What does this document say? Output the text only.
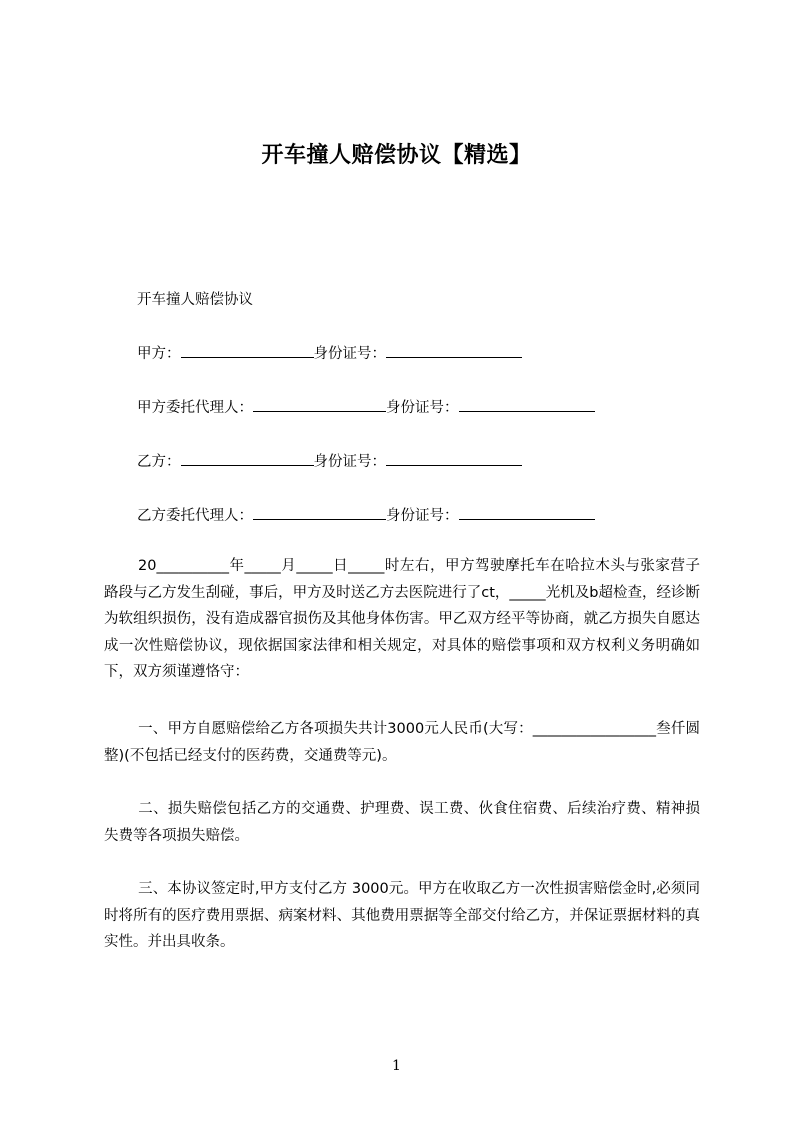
开车撞人赔偿协议【精选】
开车撞人赔偿协议
甲方：	身份证号：
甲方委托代理人：	身份证号：
乙方：	身份证号：
乙方委托代理人：	身份证号：
20__________年_____月_____日_____时左右，甲方驾驶摩托车在哈拉木头与张家营子路段与乙方发生刮碰，事后，甲方及时送乙方去医院进行了ct，_____光机及b超检查，经诊断为软组织损伤，没有造成器官损伤及其他身体伤害。甲乙双方经平等协商，就乙方损失自愿达成一次性赔偿协议，现依据国家法律和相关规定，对具体的赔偿事项和双方权利义务明确如下，双方须谨遵恪守：
一、甲方自愿赔偿给乙方各项损失共计3000元人民币(大写：_________________叁仟圆整)(不包括已经支付的医药费，交通费等元)。
二、损失赔偿包括乙方的交通费、护理费、误工费、伙食住宿费、后续治疗费、精神损失费等各项损失赔偿。
三、本协议签定时,甲方支付乙方 3000元。甲方在收取乙方一次性损害赔偿金时,必须同时将所有的医疗费用票据、病案材料、其他费用票据等全部交付给乙方，并保证票据材料的真实性。并出具收条。
1
